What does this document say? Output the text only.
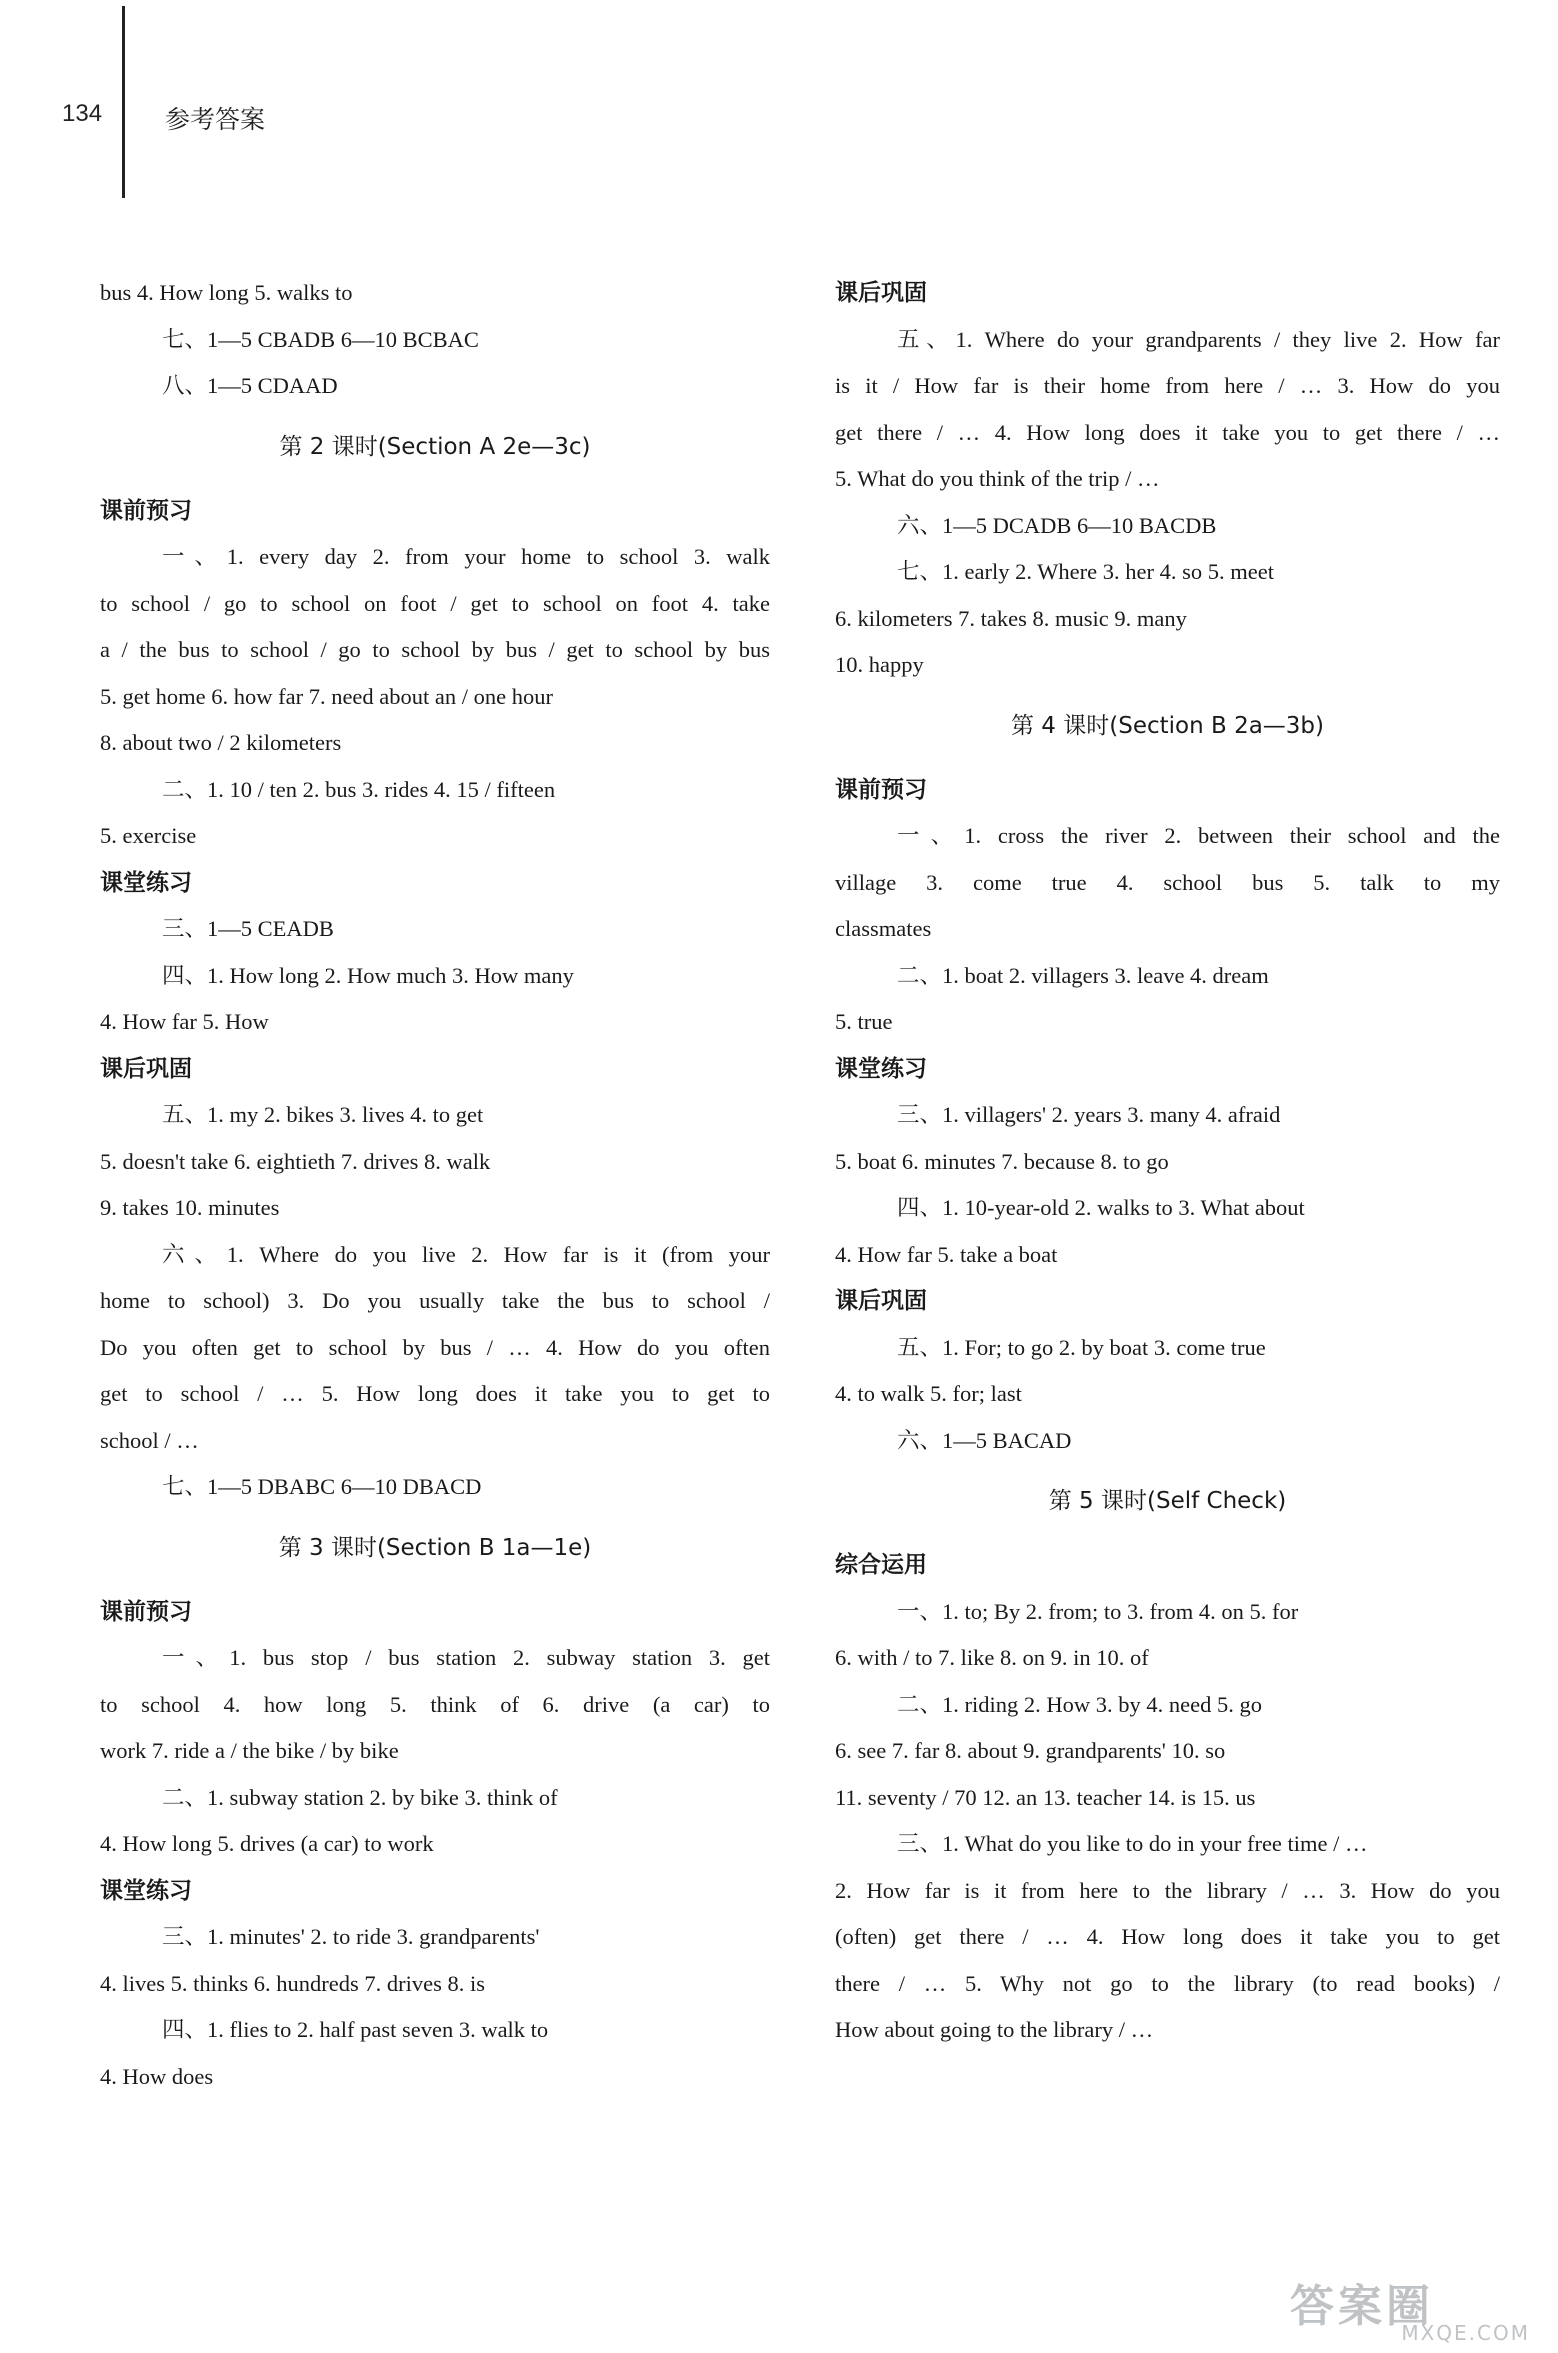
134	参考答案
bus 4. How long 5. walks to
七、1—5 CBADB 6—10 BCBAC
八、1—5 CDAAD
第 2 课时(Section A 2e—3c)
课前预习
一、1. every day 2. from your home to school 3. walk
to school / go to school on foot / get to school on foot 4. take
a / the bus to school / go to school by bus / get to school by bus
5. get home 6. how far 7. need about an / one hour
8. about two / 2 kilometers
二、1. 10 / ten 2. bus 3. rides 4. 15 / fifteen
5. exercise
课堂练习
三、1—5 CEADB
四、1. How long 2. How much 3. How many
4. How far 5. How
课后巩固
五、1. my 2. bikes 3. lives 4. to get
5. doesn't take 6. eightieth 7. drives 8. walk
9. takes 10. minutes
六、1. Where do you live 2. How far is it (from your
home to school) 3. Do you usually take the bus to school /
Do you often get to school by bus / … 4. How do you often
get to school / … 5. How long does it take you to get to
school / …
七、1—5 DBABC 6—10 DBACD
第 3 课时(Section B 1a—1e)
课前预习
一、1. bus stop / bus station 2. subway station 3. get
to school 4. how long 5. think of 6. drive (a car) to
work 7. ride a / the bike / by bike
二、1. subway station 2. by bike 3. think of
4. How long 5. drives (a car) to work
课堂练习
三、1. minutes' 2. to ride 3. grandparents'
4. lives 5. thinks 6. hundreds 7. drives 8. is
四、1. flies to 2. half past seven 3. walk to
4. How does
课后巩固
五、1. Where do your grandparents / they live 2. How far
is it / How far is their home from here / … 3. How do you
get there / … 4. How long does it take you to get there / …
5. What do you think of the trip / …
六、1—5 DCADB 6—10 BACDB
七、1. early 2. Where 3. her 4. so 5. meet
6. kilometers 7. takes 8. music 9. many
10. happy
第 4 课时(Section B 2a—3b)
课前预习
一、1. cross the river 2. between their school and the
village 3. come true 4. school bus 5. talk to my
classmates
二、1. boat 2. villagers 3. leave 4. dream
5. true
课堂练习
三、1. villagers' 2. years 3. many 4. afraid
5. boat 6. minutes 7. because 8. to go
四、1. 10-year-old 2. walks to 3. What about
4. How far 5. take a boat
课后巩固
五、1. For; to go 2. by boat 3. come true
4. to walk 5. for; last
六、1—5 BACAD
第 5 课时(Self Check)
综合运用
一、1. to; By 2. from; to 3. from 4. on 5. for
6. with / to 7. like 8. on 9. in 10. of
二、1. riding 2. How 3. by 4. need 5. go
6. see 7. far 8. about 9. grandparents' 10. so
11. seventy / 70 12. an 13. teacher 14. is 15. us
三、1. What do you like to do in your free time / …
2. How far is it from here to the library / … 3. How do you
(often) get there / … 4. How long does it take you to get
there / … 5. Why not go to the library (to read books) /
How about going to the library / …
答案圈
MXQE.COM
